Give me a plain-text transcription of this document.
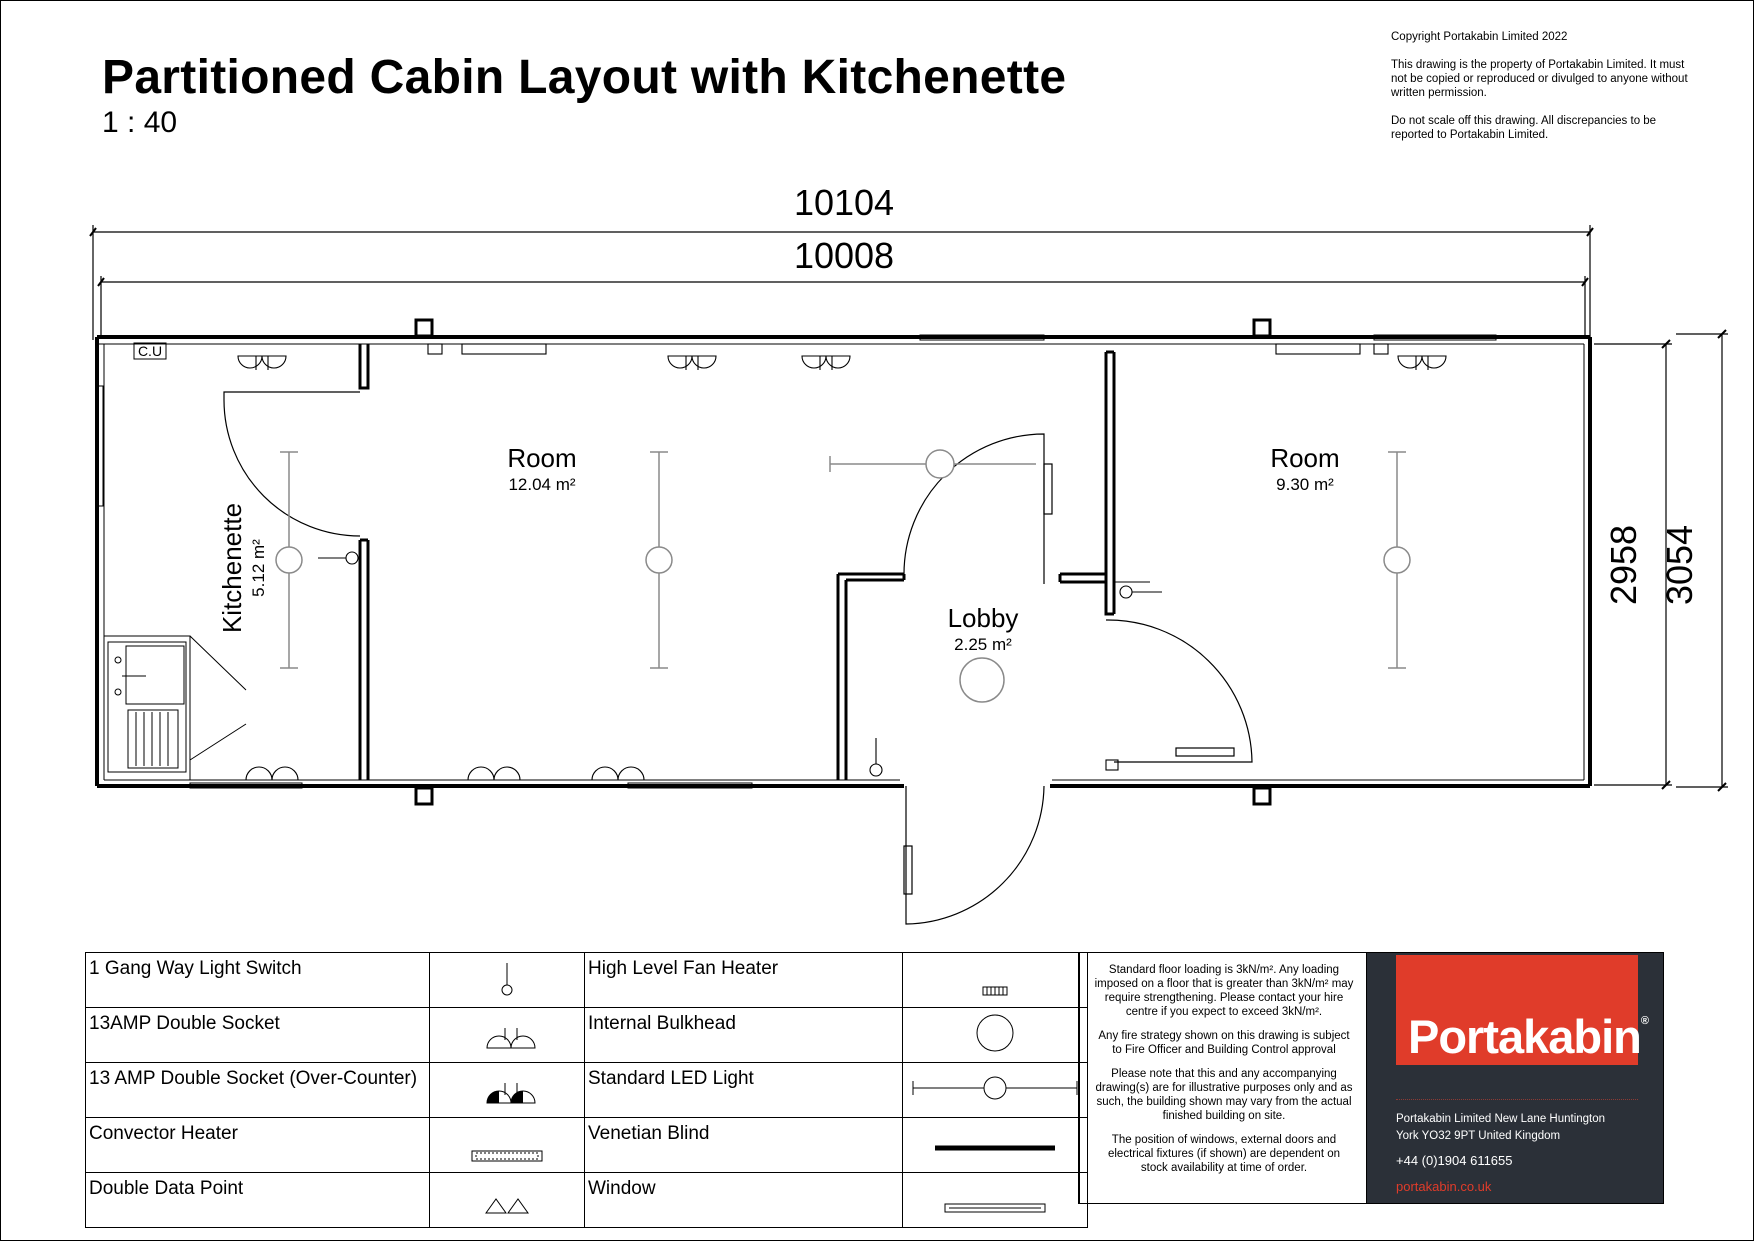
Partitioned Cabin Layout with Kitchenette
1 : 40

Copyright Portakabin Limited 2022

This drawing is the property of Portakabin Limited. It must not be copied or reproduced or divulged to anyone without written permission.

Do not scale off this drawing. All discrepancies to be reported to Portakabin Limited.

10104
10008
2958 3054
C.U
Room
12.04 m²
Room
9.30 m²
Lobby
2.25 m²
Kitchenette 5.12 m²
1 Gang Way Light Switch		High Level Fan Heater	
13AMP Double Socket		Internal Bulkhead	
13 AMP Double Socket (Over-Counter)		Standard LED Light	
Convector Heater		Venetian Blind	
Double Data Point		Window	

Standard floor loading is 3kN/m². Any loading imposed on a floor that is greater than 3kN/m² may require strengthening. Please contact your hire centre if you expect to exceed 3kN/m².

Any fire strategy shown on this drawing is subject to Fire Officer and Building Control approval

Please note that this and any accompanying drawing(s) are for illustrative purposes only and as such, the building shown may vary from the actual finished building on site.

The position of windows, external doors and electrical fixtures (if shown) are dependent on stock availability at time of order.

Portakabin®
Portakabin Limited New Lane Huntington
York YO32 9PT United Kingdom
+44 (0)1904 611655
portakabin.co.uk
